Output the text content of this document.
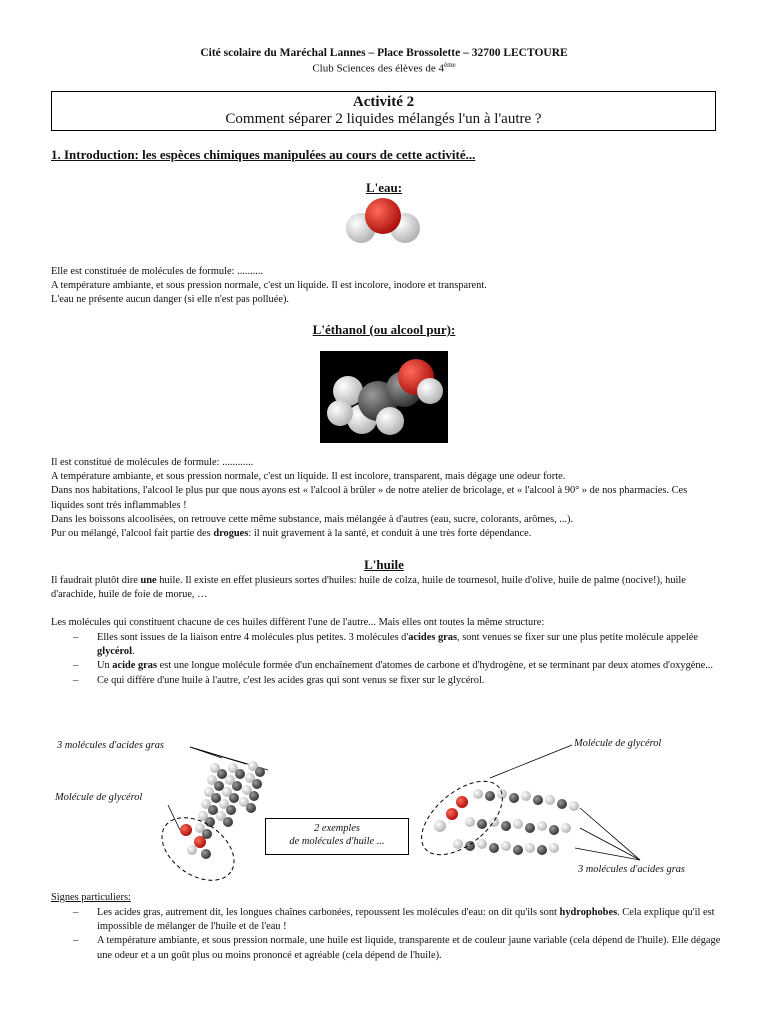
Cité scolaire du Maréchal Lannes – Place Brossolette – 32700 LECTOURE
Club Sciences des élèves de 4ème
Activité 2
Comment séparer 2 liquides mélangés l'un à l'autre ?
1. Introduction: les espèces chimiques manipulées au cours de cette activité...
L'eau:

Elle est constituée de molécules de formule: ..........

A température ambiante, et sous pression normale, c'est un liquide. Il est incolore, inodore et transparent.

L'eau ne présente aucun danger (si elle n'est pas polluée).

L'éthanol (ou alcool pur):

Il est constitué de molécules de formule: ............

A température ambiante, et sous pression normale, c'est un liquide. Il est incolore, transparent, mais dégage une odeur forte.

Dans nos habitations, l'alcool le plus pur que nous ayons est « l'alcool à brûler » de notre atelier de bricolage, et « l'alcool à 90° » de nos pharmacies. Ces liquides sont très inflammables !

Dans les boissons alcoolisées, on retrouve cette même substance, mais mélangée à d'autres (eau, sucre, colorants, arômes, ...).

Pur ou mélangé, l'alcool fait partie des drogues: il nuit gravement à la santé, et conduit à une très forte dépendance.

L'huile

Il faudrait plutôt dire une huile. Il existe en effet plusieurs sortes d'huiles: huile de colza, huile de tournesol, huile d'olive, huile de palme (nocive!), huile d'arachide, huile de foie de morue, …

Les molécules qui constituent chacune de ces huiles diffèrent l'une de l'autre... Mais elles ont toutes la même structure:
– Elles sont issues de la liaison entre 4 molécules plus petites. 3 molécules d'acides gras, sont venues se fixer sur une plus petite molécule appelée glycérol.
– Un acide gras est une longue molécule formée d'un enchaînement d'atomes de carbone et d'hydrogène, et se terminant par deux atomes d'oxygène...
– Ce qui diffère d'une huile à l'autre, c'est les acides gras qui sont venus se fixer sur le glycérol.
3 molécules d'acides gras
Molécule de glycérol
Molécule de glycérol
3 molécules d'acides gras
2 exemples
de molécules d'huile ...
Signes particuliers:
– Les acides gras, autrement dit, les longues chaînes carbonées, repoussent les molécules d'eau: on dit qu'ils sont hydrophobes. Cela explique qu'il est impossible de mélanger de l'huile et de l'eau !
– A température ambiante, et sous pression normale, une huile est liquide, transparente et de couleur jaune variable (cela dépend de l'huile). Elle dégage une odeur et a un goût plus ou moins prononcé et agréable (cela dépend de l'huile).
